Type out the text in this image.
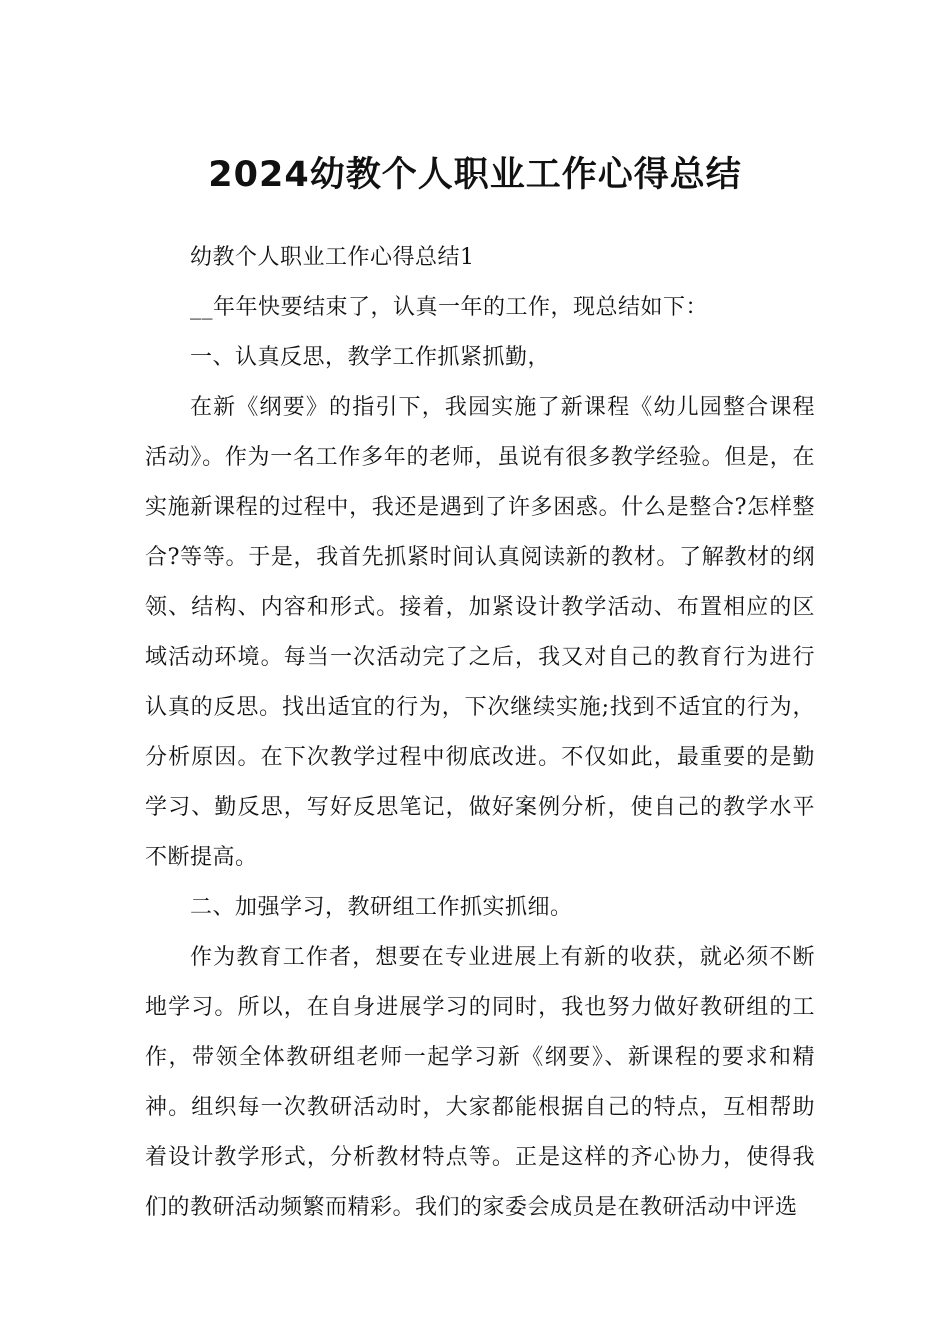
2024幼教个人职业工作心得总结

幼教个人职业工作心得总结1

__年年快要结束了，认真一年的工作，现总结如下：

一、认真反思，教学工作抓紧抓勤，

在新《纲要》的指引下，我园实施了新课程《幼儿园整合课程活动》。作为一名工作多年的老师，虽说有很多教学经验。但是，在实施新课程的过程中，我还是遇到了许多困惑。什么是整合?怎样整合?等等。于是，我首先抓紧时间认真阅读新的教材。了解教材的纲领、结构、内容和形式。接着，加紧设计教学活动、布置相应的区域活动环境。每当一次活动完了之后，我又对自己的教育行为进行认真的反思。找出适宜的行为，下次继续实施;找到不适宜的行为，分析原因。在下次教学过程中彻底改进。不仅如此，最重要的是勤学习、勤反思，写好反思笔记，做好案例分析，使自己的教学水平不断提高。

二、加强学习，教研组工作抓实抓细。

作为教育工作者，想要在专业进展上有新的收获，就必须不断地学习。所以，在自身进展学习的同时，我也努力做好教研组的工作，带领全体教研组老师一起学习新《纲要》、新课程的要求和精神。组织每一次教研活动时，大家都能根据自己的特点，互相帮助着设计教学形式，分析教材特点等。正是这样的齐心协力，使得我们的教研活动频繁而精彩。我们的家委会成员是在教研活动中评选
